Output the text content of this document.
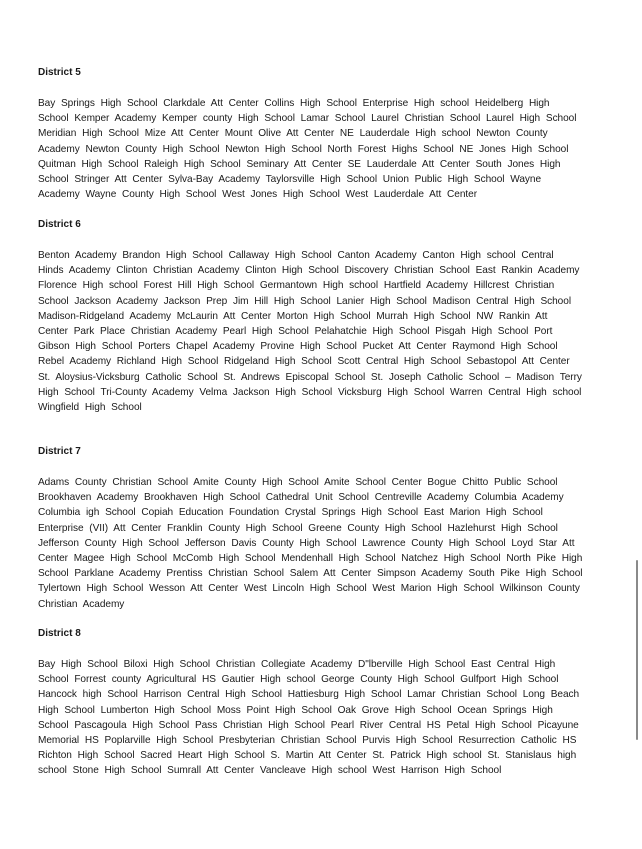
District 5

Bay Springs High School Clarkdale Att Center Collins High School Enterprise High school Heidelberg High School Kemper Academy Kemper county High School Lamar School Laurel Christian School Laurel High School Meridian High School Mize Att Center Mount Olive Att Center NE Lauderdale High school Newton County Academy Newton County High School Newton High School North Forest Highs School NE Jones High School Quitman High School Raleigh High School Seminary Att Center SE Lauderdale Att Center South Jones High School Stringer Att Center Sylva-Bay Academy Taylorsville High School Union Public High School Wayne Academy Wayne County High School West Jones High School West Lauderdale Att Center

District 6

Benton Academy Brandon High School Callaway High School Canton Academy Canton High school Central Hinds Academy Clinton Christian Academy Clinton High School Discovery Christian School East Rankin Academy Florence High school Forest Hill High School Germantown High school Hartfield Academy Hillcrest Christian School Jackson Academy Jackson Prep Jim Hill High School Lanier High School Madison Central High School Madison-Ridgeland Academy McLaurin Att Center Morton High School Murrah High School NW Rankin Att Center Park Place Christian Academy Pearl High School Pelahatchie High School Pisgah High School Port Gibson High School Porters Chapel Academy Provine High School Pucket Att Center Raymond High School Rebel Academy Richland High School Ridgeland High School Scott Central High School Sebastopol Att Center St. Aloysius-Vicksburg Catholic School St. Andrews Episcopal School St. Joseph Catholic School – Madison Terry High School Tri-County Academy Velma Jackson High School Vicksburg High School Warren Central High school Wingfield High School

District 7

Adams County Christian School Amite County High School Amite School Center Bogue Chitto Public School Brookhaven Academy Brookhaven High School Cathedral Unit School Centreville Academy Columbia Academy Columbia igh School Copiah Education Foundation Crystal Springs High School East Marion High School Enterprise (VII) Att Center Franklin County High School Greene County High School Hazlehurst High School Jefferson County High School Jefferson Davis County High School Lawrence County High School Loyd Star Att Center Magee High School McComb High School Mendenhall High School Natchez High School North Pike High School Parklane Academy Prentiss Christian School Salem Att Center Simpson Academy South Pike High School Tylertown High School Wesson Att Center West Lincoln High School West Marion High School Wilkinson County Christian Academy

District 8

Bay High School Biloxi High School Christian Collegiate Academy D"lberville High School East Central High School Forrest county Agricultural HS Gautier High school George County High School Gulfport High School Hancock high School Harrison Central High School Hattiesburg High School Lamar Christian School Long Beach High School Lumberton High School Moss Point High School Oak Grove High School Ocean Springs High School Pascagoula High School Pass Christian High School Pearl River Central HS Petal High School Picayune Memorial HS Poplarville High School Presbyterian Christian School Purvis High School Resurrection Catholic HS Richton High School Sacred Heart High School S. Martin Att Center St. Patrick High school St. Stanislaus high school Stone High School Sumrall Att Center Vancleave High school West Harrison High School
